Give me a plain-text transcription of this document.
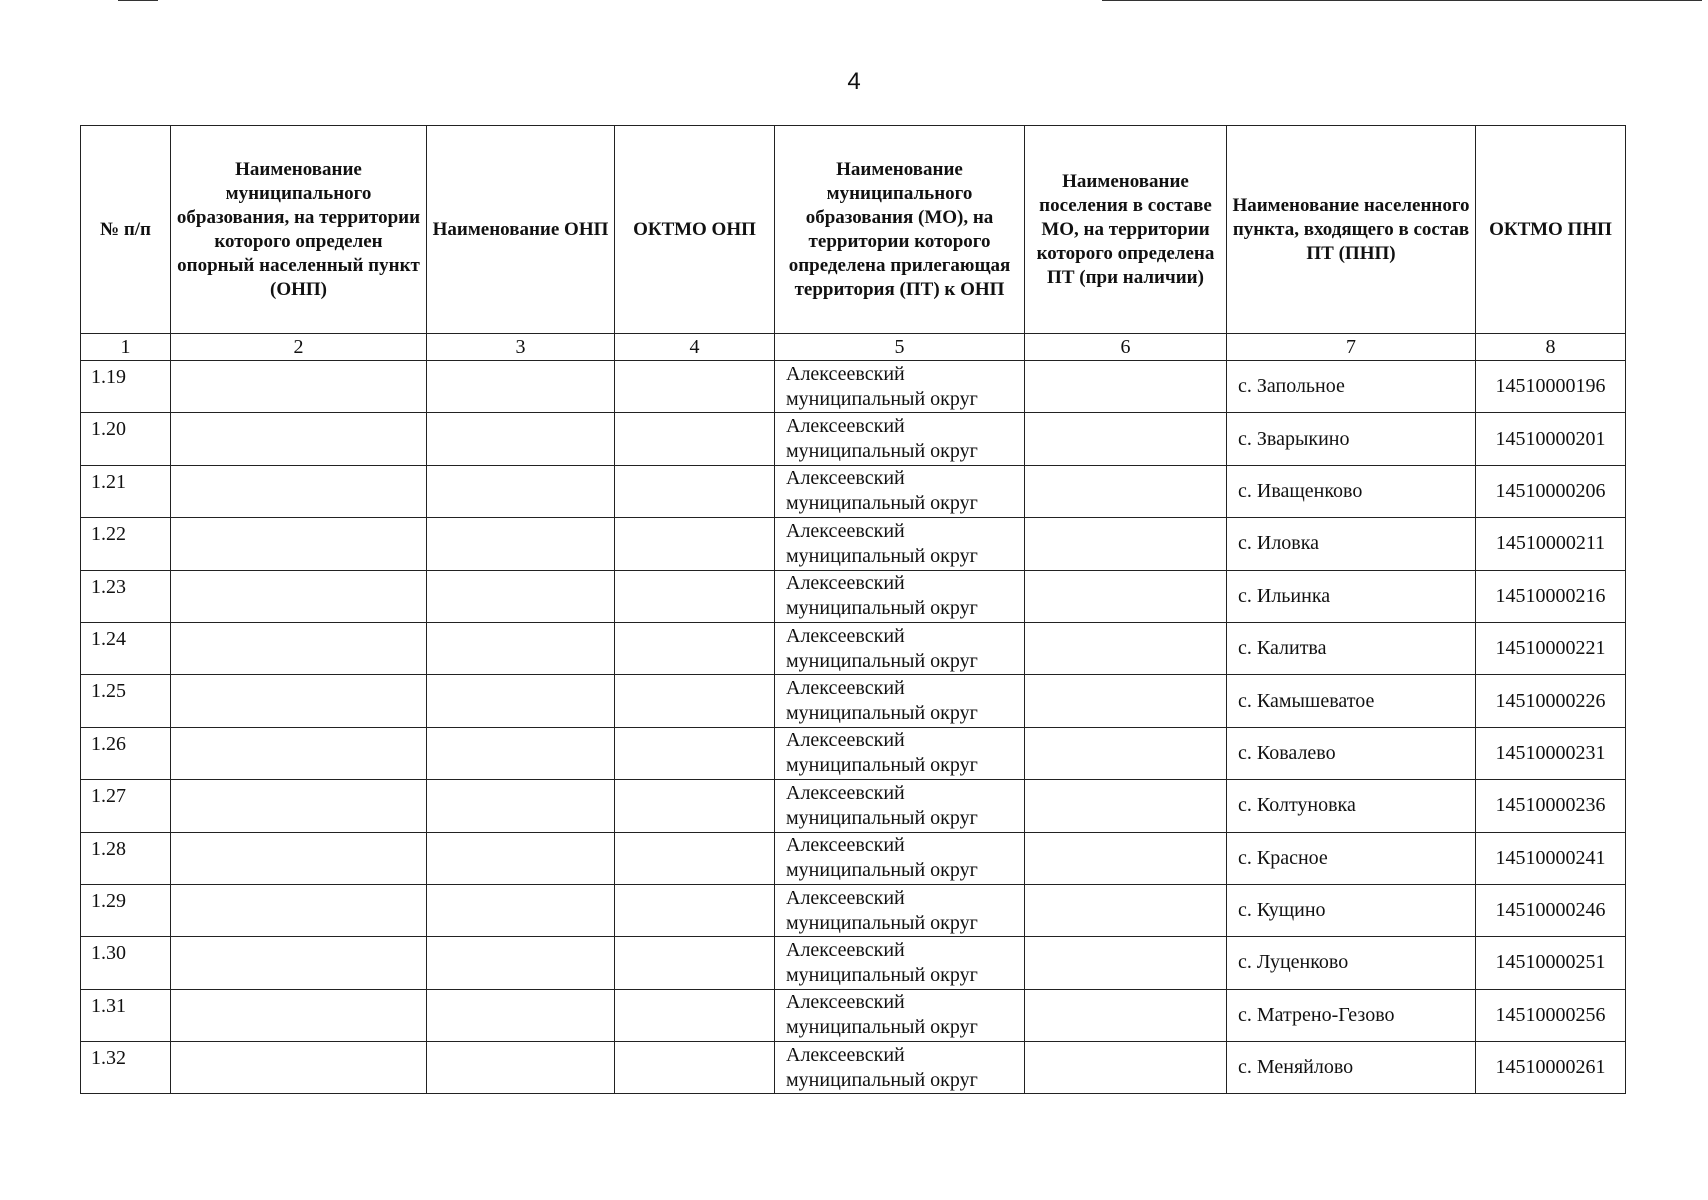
4
№ п/п	Наименование муниципального образования, на территории которого определен опорный населенный пункт (ОНП)	Наименование ОНП	ОКТМО ОНП	Наименование муниципального образования (МО), на территории которого определена прилегающая территория (ПТ) к ОНП	Наименование поселения в составе МО, на территории которого определена ПТ (при наличии)	Наименование населенного пункта, входящего в состав ПТ (ПНП)	ОКТМО ПНП
1	2	3	4	5	6	7	8
1.19				Алексеевский муниципальный округ		с. Запольное	14510000196
1.20				Алексеевский муниципальный округ		с. Зварыкино	14510000201
1.21				Алексеевский муниципальный округ		с. Иващенково	14510000206
1.22				Алексеевский муниципальный округ		с. Иловка	14510000211
1.23				Алексеевский муниципальный округ		с. Ильинка	14510000216
1.24				Алексеевский муниципальный округ		с. Калитва	14510000221
1.25				Алексеевский муниципальный округ		с. Камышеватое	14510000226
1.26				Алексеевский муниципальный округ		с. Ковалево	14510000231
1.27				Алексеевский муниципальный округ		с. Колтуновка	14510000236
1.28				Алексеевский муниципальный округ		с. Красное	14510000241
1.29				Алексеевский муниципальный округ		с. Кущино	14510000246
1.30				Алексеевский муниципальный округ		с. Луценково	14510000251
1.31				Алексеевский муниципальный округ		с. Матрено-Гезово	14510000256
1.32				Алексеевский муниципальный округ		с. Меняйлово	14510000261
